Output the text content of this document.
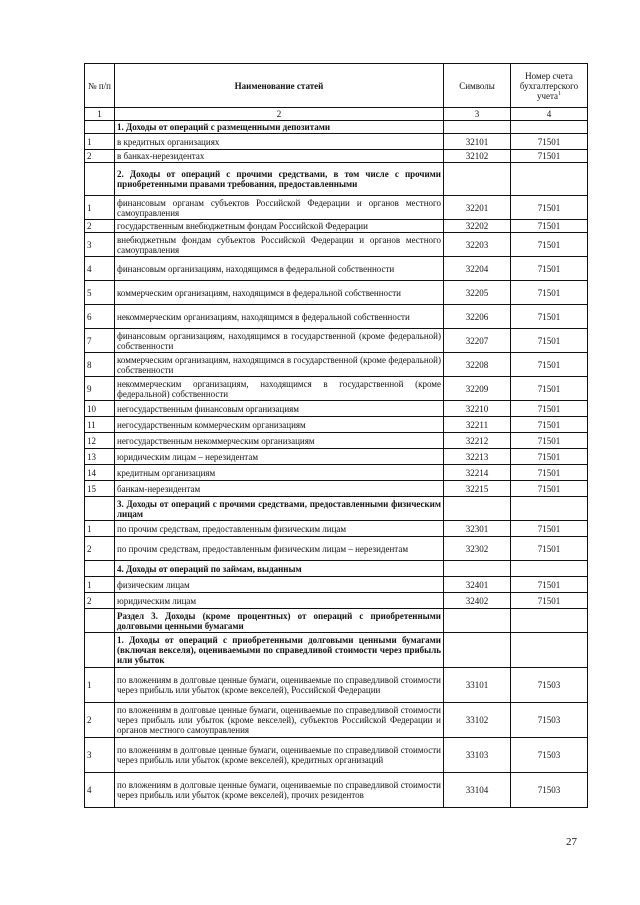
№ п/п	Наименование статей	Символы	Номер счета бухгалтерского учета$^1$
1	2	3	4
	1. Доходы от операций с размещенными депозитами		
1	в кредитных организациях	32101	71501
2	в банках-нерезидентах	32102	71501
	2. Доходы от операций с прочими средствами, в том числе с прочими приобретенными правами требования, предоставленными		
1	финансовым органам субъектов Российской Федерации и органов местного самоуправления	32201	71501
2	государственным внебюджетным фондам Российской Федерации	32202	71501
3	внебюджетным фондам субъектов Российской Федерации и органов местного самоуправления	32203	71501
4	финансовым организациям, находящимся в федеральной собственности	32204	71501
5	коммерческим организациям, находящимся в федеральной собственности	32205	71501
6	некоммерческим организациям, находящимся в федеральной собственности	32206	71501
7	финансовым организациям, находящимся в государственной (кроме федеральной) собственности	32207	71501
8	коммерческим организациям, находящимся в государственной (кроме федеральной) собственности	32208	71501
9	некоммерческим организациям, находящимся в государственной (кроме федеральной) собственности	32209	71501
10	негосударственным финансовым организациям	32210	71501
11	негосударственным коммерческим организациям	32211	71501
12	негосударственным некоммерческим организациям	32212	71501
13	юридическим лицам – нерезидентам	32213	71501
14	кредитным организациям	32214	71501
15	банкам-нерезидентам	32215	71501
	3. Доходы от операций с прочими средствами, предоставленными физическим лицам		
1	по прочим средствам, предоставленным физическим лицам	32301	71501
2	по прочим средствам, предоставленным физическим лицам – нерезидентам	32302	71501
	4. Доходы от операций по займам, выданным		
1	физическим лицам	32401	71501
2	юридическим лицам	32402	71501
	Раздел 3. Доходы (кроме процентных) от операций с приобретенными долговыми ценными бумагами		
	1. Доходы от операций с приобретенными долговыми ценными бумагами (включая векселя), оцениваемыми по справедливой стоимости через прибыль или убыток		
1	по вложениям в долговые ценные бумаги, оцениваемые по справедливой стоимости через прибыль или убыток (кроме векселей), Российской Федерации	33101	71503
2	по вложениям в долговые ценные бумаги, оцениваемые по справедливой стоимости через прибыль или убыток (кроме векселей), субъектов Российской Федерации и органов местного самоуправления	33102	71503
3	по вложениям в долговые ценные бумаги, оцениваемые по справедливой стоимости через прибыль или убыток (кроме векселей), кредитных организаций	33103	71503
4	по вложениям в долговые ценные бумаги, оцениваемые по справедливой стоимости через прибыль или убыток (кроме векселей), прочих резидентов	33104	71503
27
